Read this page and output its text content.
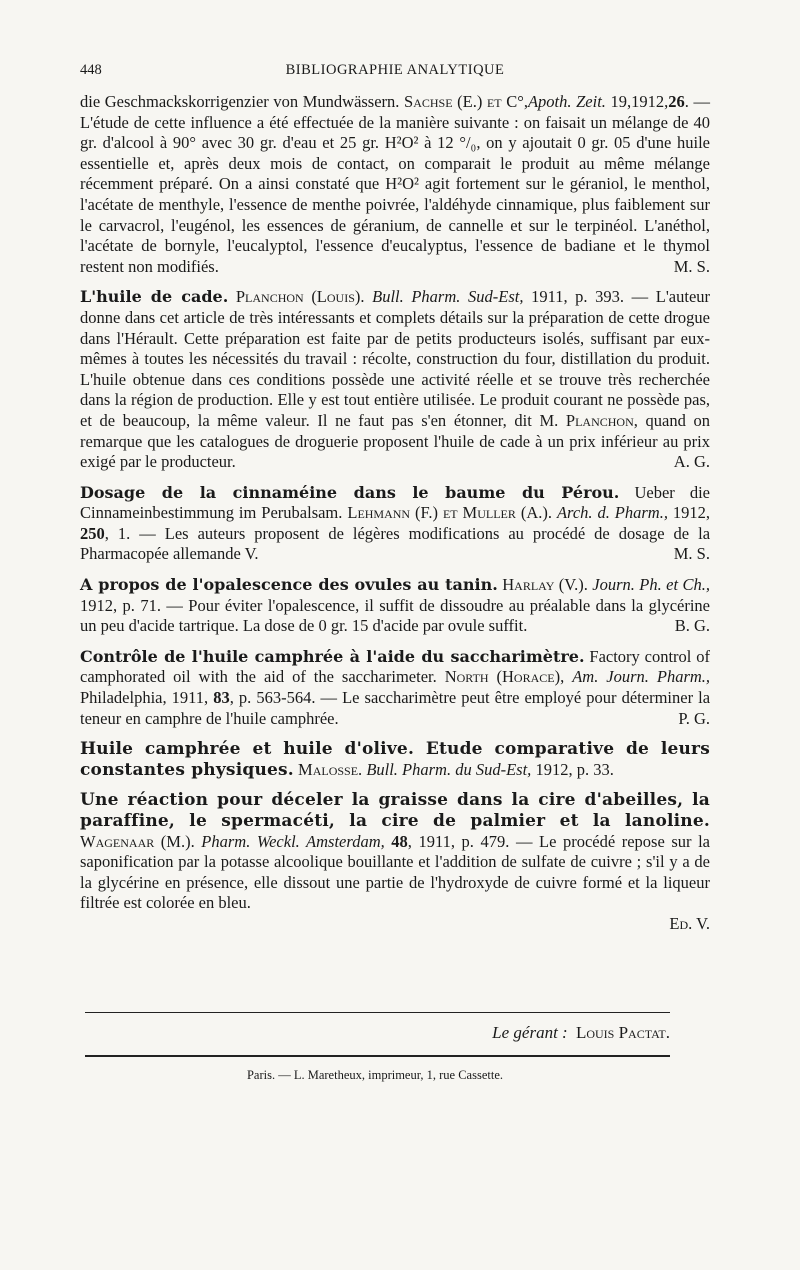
448	BIBLIOGRAPHIE ANALYTIQUE

die Geschmackskorrigenzier von Mundwässern. Sachse (E.) et C°,Apoth. Zeit. 19,1912,26. — L'étude de cette influence a été effectuée de la manière suivante : on faisait un mélange de 40 gr. d'alcool à 90° avec 30 gr. d'eau et 25 gr. H²O² à 12 °/₀, on y ajoutait 0 gr. 05 d'une huile essentielle et, après deux mois de contact, on comparait le produit au même mélange récemment préparé. On a ainsi constaté que H²O² agit fortement sur le géraniol, le menthol, l'acétate de menthyle, l'essence de menthe poivrée, l'aldéhyde cinnamique, plus faiblement sur le carvacrol, l'eugénol, les essences de géranium, de cannelle et sur le terpinéol. L'anéthol, l'acétate de bornyle, l'eucalyptol, l'essence d'eucalyptus, l'essence de badiane et le thymol restent non modifiés.	M. S.

L'huile de cade. Planchon (Louis). Bull. Pharm. Sud-Est, 1911, p. 393. — L'auteur donne dans cet article de très intéressants et complets détails sur la préparation de cette drogue dans l'Hérault. Cette préparation est faite par de petits producteurs isolés, suffisant par eux-mêmes à toutes les nécessités du travail : récolte, construction du four, distillation du produit. L'huile obtenue dans ces conditions possède une activité réelle et se trouve très recherchée dans la région de production. Elle y est tout entière utilisée. Le produit courant ne possède pas, et de beaucoup, la même valeur. Il ne faut pas s'en étonner, dit M. Planchon, quand on remarque que les catalogues de droguerie proposent l'huile de cade à un prix inférieur au prix exigé par le producteur.	A. G.

Dosage de la cinnaméine dans le baume du Pérou. Ueber die Cinnameinbestimmung im Perubalsam. Lehmann (F.) et Muller (A.). Arch. d. Pharm., 1912, 250, 1. — Les auteurs proposent de légères modifications au procédé de dosage de la Pharmacopée allemande V.	M. S.

A propos de l'opalescence des ovules au tanin. Harlay (V.). Journ. Ph. et Ch., 1912, p. 71. — Pour éviter l'opalescence, il suffit de dissoudre au préalable dans la glycérine un peu d'acide tartrique. La dose de 0 gr. 15 d'acide par ovule suffit.	B. G.

Contrôle de l'huile camphrée à l'aide du saccharimètre. Factory control of camphorated oil with the aid of the saccharimeter. North (Horace), Am. Journ. Pharm., Philadelphia, 1911, 83, p. 563-564. — Le saccharimètre peut être employé pour déterminer la teneur en camphre de l'huile camphrée.	P. G.

Huile camphrée et huile d'olive. Etude comparative de leurs constantes physiques. Malosse. Bull. Pharm. du Sud-Est, 1912, p. 33.

Une réaction pour déceler la graisse dans la cire d'abeilles, la paraffine, le spermacéti, la cire de palmier et la lanoline. Wagenaar (M.). Pharm. Weckl. Amsterdam, 48, 1911, p. 479. — Le procédé repose sur la saponification par la potasse alcoolique bouillante et l'addition de sulfate de cuivre ; s'il y a de la glycérine en présence, elle dissout une partie de l'hydroxyde de cuivre formé et la liqueur filtrée est colorée en bleu.

Ed. V.
Le gérant : Louis Pactat.
Paris. — L. Maretheux, imprimeur, 1, rue Cassette.
